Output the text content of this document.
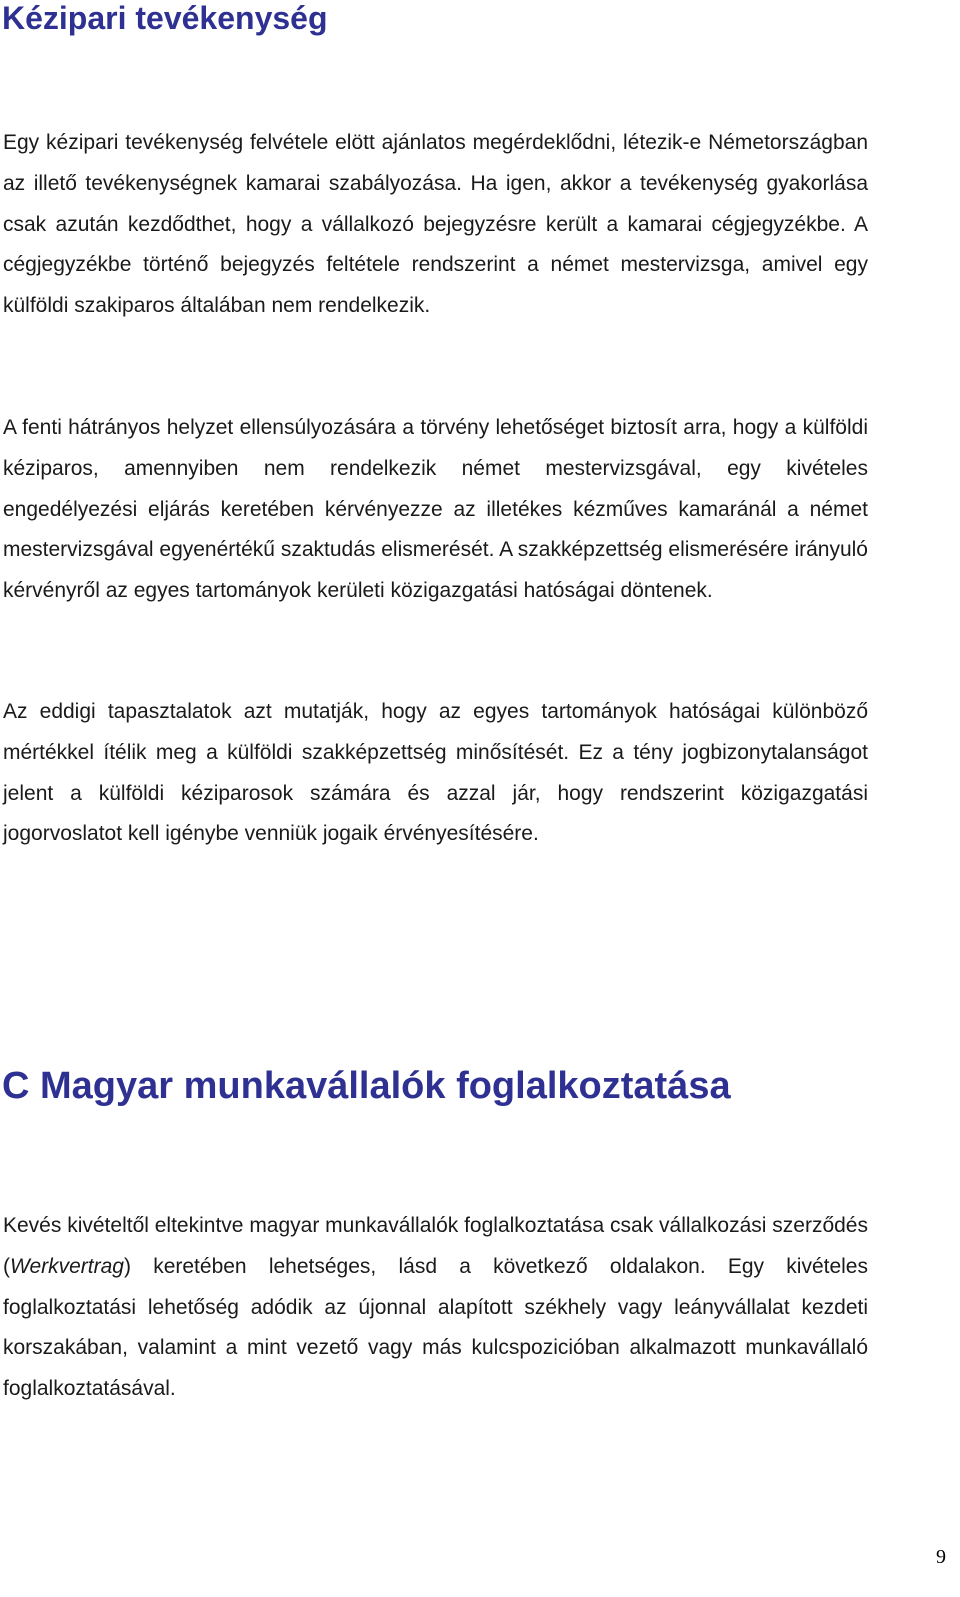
Kézipari tevékenység

Egy kézipari tevékenység felvétele elött ajánlatos megérdeklődni, létezik-e Németországban az illető tevékenységnek kamarai szabályozása. Ha igen, akkor a tevékenység gyakorlása csak azután kezdődthet, hogy a vállalkozó bejegyzésre került a kamarai cégjegyzékbe. A cégjegyzékbe történő bejegyzés feltétele rendszerint a német mestervizsga, amivel egy külföldi szakiparos általában nem rendelkezik.

A fenti hátrányos helyzet ellensúlyozására a törvény lehetőséget biztosít arra, hogy a külföldi kéziparos, amennyiben nem rendelkezik német mestervizsgával, egy kivételes engedélyezési eljárás keretében kérvényezze az illetékes kézműves kamaránál a német mestervizsgával egyenértékű szaktudás elismerését. A szakképzettség elismerésére irányuló kérvényről az egyes tartományok kerületi közigazgatási hatóságai döntenek.

Az eddigi tapasztalatok azt mutatják, hogy az egyes tartományok hatóságai különböző mértékkel ítélik meg a külföldi szakképzettség minősítését. Ez a tény jogbizonytalanságot jelent a külföldi kéziparosok számára és azzal jár, hogy rendszerint közigazgatási jogorvoslatot kell igénybe venniük jogaik érvényesítésére.

C Magyar munkavállalók foglalkoztatása

Kevés kivételtől eltekintve magyar munkavállalók foglalkoztatása csak vállalkozási szerződés (Werkvertrag) keretében lehetséges, lásd a következő oldalakon. Egy kivételes foglalkoztatási lehetőség adódik az újonnal alapított székhely vagy leányvállalat kezdeti korszakában, valamint a mint vezető vagy más kulcspozicióban alkalmazott munkavállaló foglalkoztatásával.

9
